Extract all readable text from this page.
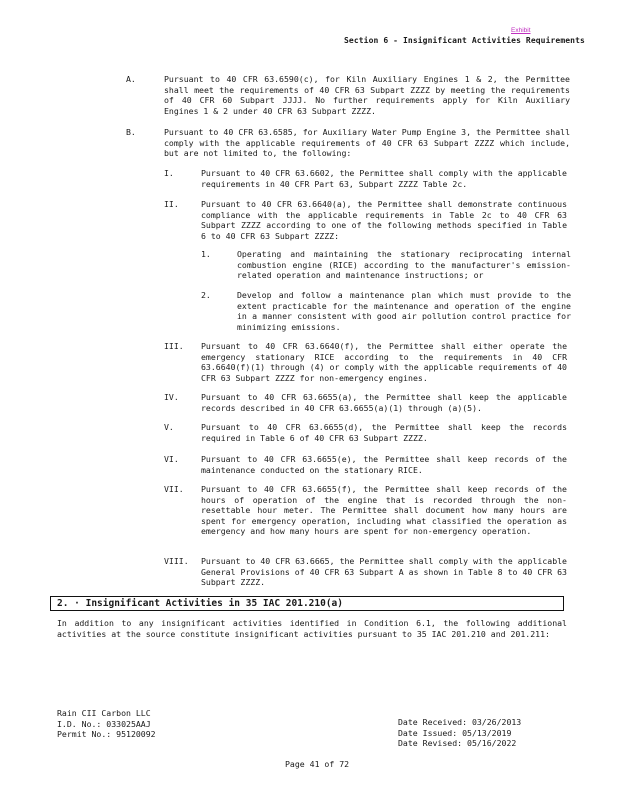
Exhibit
Section 6 - Insignificant Activities Requirements
A.	Pursuant to 40 CFR 63.6590(c), for Kiln Auxiliary Engines 1 & 2, the Permittee shall meet the requirements of 40 CFR 63 Subpart ZZZZ by meeting the requirements of 40 CFR 60 Subpart JJJJ. No further requirements apply for Kiln Auxiliary Engines 1 & 2 under 40 CFR 63 Subpart ZZZZ.
B.	Pursuant to 40 CFR 63.6585, for Auxiliary Water Pump Engine 3, the Permittee shall comply with the applicable requirements of 40 CFR 63 Subpart ZZZZ which include, but are not limited to, the following:
I.	Pursuant to 40 CFR 63.6602, the Permittee shall comply with the applicable requirements in 40 CFR Part 63, Subpart ZZZZ Table 2c.
II.	Pursuant to 40 CFR 63.6640(a), the Permittee shall demonstrate continuous compliance with the applicable requirements in Table 2c to 40 CFR 63 Subpart ZZZZ according to one of the following methods specified in Table 6 to 40 CFR 63 Subpart ZZZZ:
1.	Operating and maintaining the stationary reciprocating internal combustion engine (RICE) according to the manufacturer's emission-related operation and maintenance instructions; or
2.	Develop and follow a maintenance plan which must provide to the extent practicable for the maintenance and operation of the engine in a manner consistent with good air pollution control practice for minimizing emissions.
III. Pursuant to 40 CFR 63.6640(f), the Permittee shall either operate the emergency stationary RICE according to the requirements in 40 CFR 63.6640(f)(1) through (4) or comply with the applicable requirements of 40 CFR 63 Subpart ZZZZ for non-emergency engines.
IV.	Pursuant to 40 CFR 63.6655(a), the Permittee shall keep the applicable records described in 40 CFR 63.6655(a)(1) through (a)(5).
V.	Pursuant to 40 CFR 63.6655(d), the Permittee shall keep the records required in Table 6 of 40 CFR 63 Subpart ZZZZ.
VI.	Pursuant to 40 CFR 63.6655(e), the Permittee shall keep records of the maintenance conducted on the stationary RICE.
VII. Pursuant to 40 CFR 63.6655(f), the Permittee shall keep records of the hours of operation of the engine that is recorded through the non-resettable hour meter. The Permittee shall document how many hours are spent for emergency operation, including what classified the operation as emergency and how many hours are spent for non-emergency operation.
VIII. Pursuant to 40 CFR 63.6665, the Permittee shall comply with the applicable General Provisions of 40 CFR 63 Subpart A as shown in Table 8 to 40 CFR 63 Subpart ZZZZ.
2. · Insignificant Activities in 35 IAC 201.210(a)
In addition to any insignificant activities identified in Condition 6.1, the following additional activities at the source constitute insignificant activities pursuant to 35 IAC 201.210 and 201.211:
Rain CII Carbon LLC
I.D. No.: 033025AAJ
Permit No.: 95120092
Date Received: 03/26/2013
Date Issued: 05/13/2019
Date Revised: 05/16/2022
Page 41 of 72
